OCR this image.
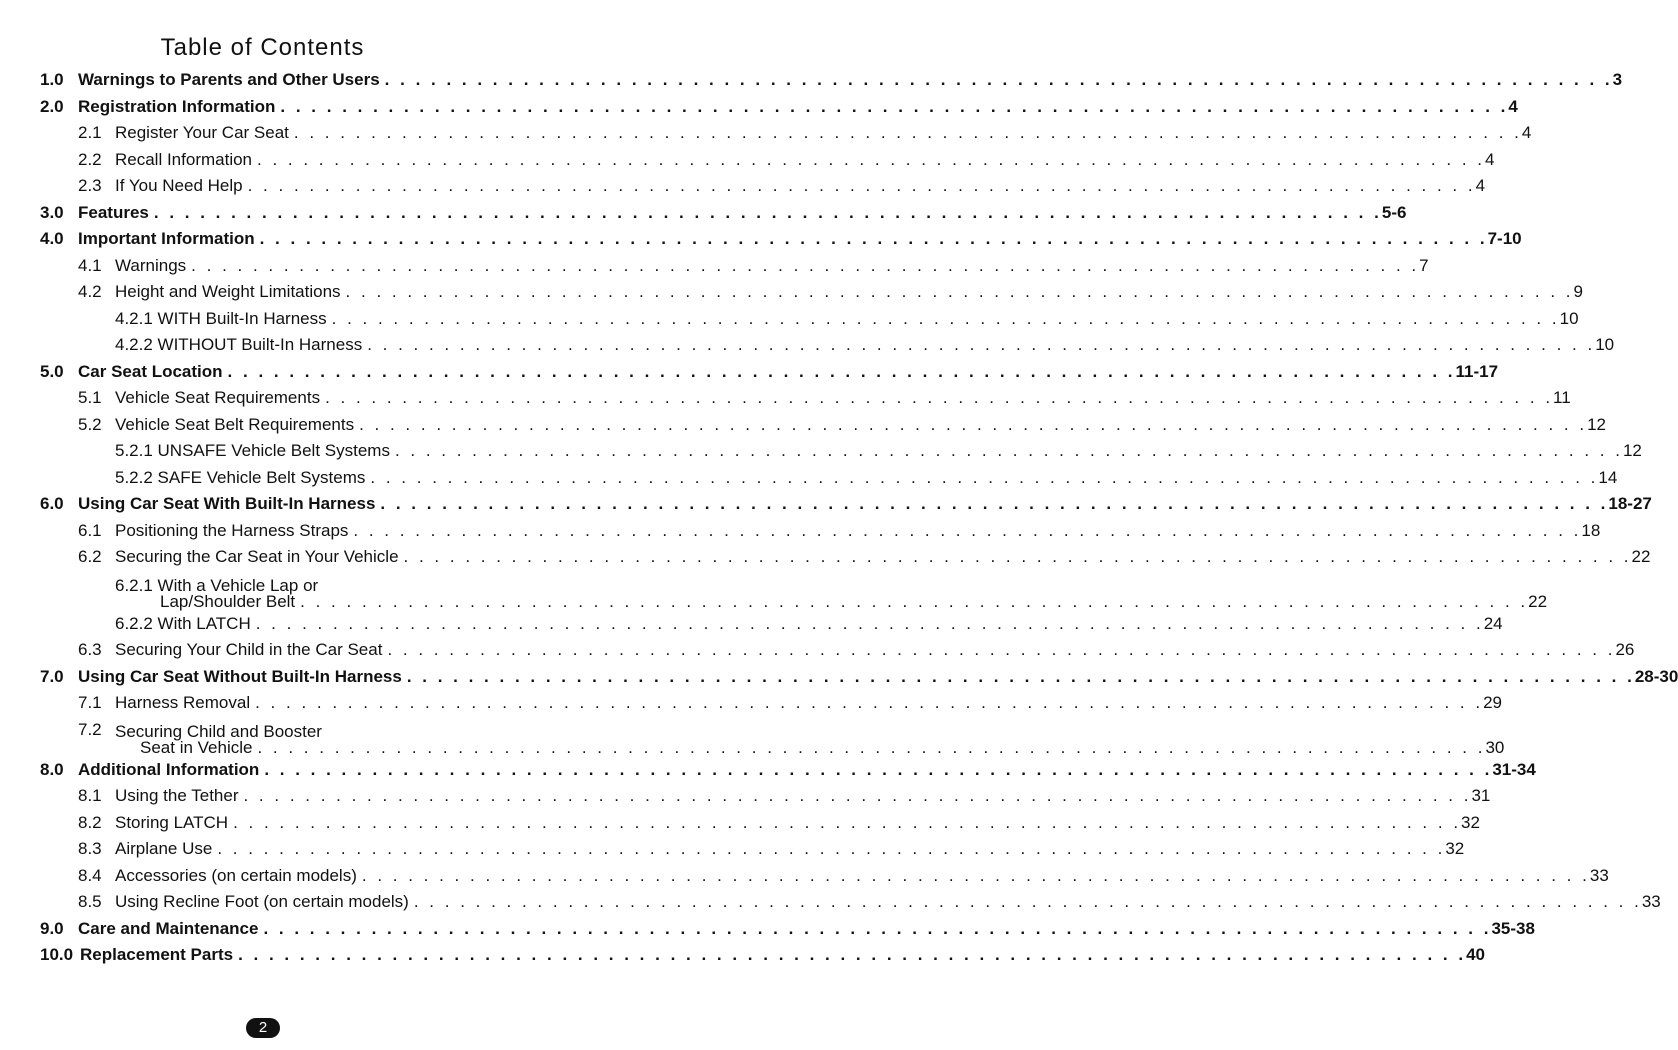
Table of Contents
1.0 Warnings to Parents and Other Users . . . . . . . . . . . . . . . . . . . . . . . . . . . . . . . . . . . . . . . . . . . . . . . . . . . . . . . . . . . . . . . . . . . . . . . . . . . . . . . . 3
2.0 Registration Information . . . . . . . . . . . . . . . . . . . . . . . . . . . . . . . . . . . . . . . . . . . . . . . . . . . . . . . . . . . . . . . . . . . . . . . . . . . . . . . . 4
2.1 Register Your Car Seat . . . . . . . . . . . . . . . . . . . . . . . . . . . . . . . . . . . . . . . . . . . . . . . . . . . . . . . . . . . . . . . . . . . . . . . . . . . . . . . . 4
2.2 Recall Information . . . . . . . . . . . . . . . . . . . . . . . . . . . . . . . . . . . . . . . . . . . . . . . . . . . . . . . . . . . . . . . . . . . . . . . . . . . . . . . . 4
2.3 If You Need Help . . . . . . . . . . . . . . . . . . . . . . . . . . . . . . . . . . . . . . . . . . . . . . . . . . . . . . . . . . . . . . . . . . . . . . . . . . . . . . . . 4
3.0 Features . . . . . . . . . . . . . . . . . . . . . . . . . . . . . . . . . . . . . . . . . . . . . . . . . . . . . . . . . . . . . . . . . . . . . . . . . . . . . . . . 5-6
4.0 Important Information . . . . . . . . . . . . . . . . . . . . . . . . . . . . . . . . . . . . . . . . . . . . . . . . . . . . . . . . . . . . . . . . . . . . . . . . . . . . . . . . 7-10
4.1 Warnings . . . . . . . . . . . . . . . . . . . . . . . . . . . . . . . . . . . . . . . . . . . . . . . . . . . . . . . . . . . . . . . . . . . . . . . . . . . . . . . . 7
4.2 Height and Weight Limitations . . . . . . . . . . . . . . . . . . . . . . . . . . . . . . . . . . . . . . . . . . . . . . . . . . . . . . . . . . . . . . . . . . . . . . . . . . . . . . . . 9
4.2.1 WITH Built-In Harness . . . . . . . . . . . . . . . . . . . . . . . . . . . . . . . . . . . . . . . . . . . . . . . . . . . . . . . . . . . . . . . . . . . . . . . . . . . . . . . . 10
4.2.2 WITHOUT Built-In Harness . . . . . . . . . . . . . . . . . . . . . . . . . . . . . . . . . . . . . . . . . . . . . . . . . . . . . . . . . . . . . . . . . . . . . . . . . . . . . . . . 10
5.0 Car Seat Location . . . . . . . . . . . . . . . . . . . . . . . . . . . . . . . . . . . . . . . . . . . . . . . . . . . . . . . . . . . . . . . . . . . . . . . . . . . . . . . . 11-17
5.1 Vehicle Seat Requirements . . . . . . . . . . . . . . . . . . . . . . . . . . . . . . . . . . . . . . . . . . . . . . . . . . . . . . . . . . . . . . . . . . . . . . . . . . . . . . . . 11
5.2 Vehicle Seat Belt Requirements . . . . . . . . . . . . . . . . . . . . . . . . . . . . . . . . . . . . . . . . . . . . . . . . . . . . . . . . . . . . . . . . . . . . . . . . . . . . . . . . 12
5.2.1 UNSAFE Vehicle Belt Systems . . . . . . . . . . . . . . . . . . . . . . . . . . . . . . . . . . . . . . . . . . . . . . . . . . . . . . . . . . . . . . . . . . . . . . . . . . . . . . . . 12
5.2.2 SAFE Vehicle Belt Systems . . . . . . . . . . . . . . . . . . . . . . . . . . . . . . . . . . . . . . . . . . . . . . . . . . . . . . . . . . . . . . . . . . . . . . . . . . . . . . . . 14
6.0 Using Car Seat With Built-In Harness . . . . . . . . . . . . . . . . . . . . . . . . . . . . . . . . . . . . . . . . . . . . . . . . . . . . . . . . . . . . . . . . . . . . . . . . . . . . . . . . 18-27
6.1 Positioning the Harness Straps . . . . . . . . . . . . . . . . . . . . . . . . . . . . . . . . . . . . . . . . . . . . . . . . . . . . . . . . . . . . . . . . . . . . . . . . . . . . . . . . 18
6.2 Securing the Car Seat in Your Vehicle . . . . . . . . . . . . . . . . . . . . . . . . . . . . . . . . . . . . . . . . . . . . . . . . . . . . . . . . . . . . . . . . . . . . . . . . . . . . . . . . 22
6.2.1 With a Vehicle Lap or
Lap/Shoulder Belt . . . . . . . . . . . . . . . . . . . . . . . . . . . . . . . . . . . . . . . . . . . . . . . . . . . . . . . . . . . . . . . . . . . . . . . . . . . . . . . . 22
6.2.2 With LATCH . . . . . . . . . . . . . . . . . . . . . . . . . . . . . . . . . . . . . . . . . . . . . . . . . . . . . . . . . . . . . . . . . . . . . . . . . . . . . . . . 24
6.3 Securing Your Child in the Car Seat . . . . . . . . . . . . . . . . . . . . . . . . . . . . . . . . . . . . . . . . . . . . . . . . . . . . . . . . . . . . . . . . . . . . . . . . . . . . . . . . 26
7.0 Using Car Seat Without Built-In Harness . . . . . . . . . . . . . . . . . . . . . . . . . . . . . . . . . . . . . . . . . . . . . . . . . . . . . . . . . . . . . . . . . . . . . . . . . . . . . . . . 28-30
7.1 Harness Removal . . . . . . . . . . . . . . . . . . . . . . . . . . . . . . . . . . . . . . . . . . . . . . . . . . . . . . . . . . . . . . . . . . . . . . . . . . . . . . . . 29
7.2 Securing Child and Booster
Seat in Vehicle . . . . . . . . . . . . . . . . . . . . . . . . . . . . . . . . . . . . . . . . . . . . . . . . . . . . . . . . . . . . . . . . . . . . . . . . . . . . . . . . 30
8.0 Additional Information . . . . . . . . . . . . . . . . . . . . . . . . . . . . . . . . . . . . . . . . . . . . . . . . . . . . . . . . . . . . . . . . . . . . . . . . . . . . . . . . 31-34
8.1 Using the Tether . . . . . . . . . . . . . . . . . . . . . . . . . . . . . . . . . . . . . . . . . . . . . . . . . . . . . . . . . . . . . . . . . . . . . . . . . . . . . . . . 31
8.2 Storing LATCH . . . . . . . . . . . . . . . . . . . . . . . . . . . . . . . . . . . . . . . . . . . . . . . . . . . . . . . . . . . . . . . . . . . . . . . . . . . . . . . . 32
8.3 Airplane Use . . . . . . . . . . . . . . . . . . . . . . . . . . . . . . . . . . . . . . . . . . . . . . . . . . . . . . . . . . . . . . . . . . . . . . . . . . . . . . . . 32
8.4 Accessories (on certain models) . . . . . . . . . . . . . . . . . . . . . . . . . . . . . . . . . . . . . . . . . . . . . . . . . . . . . . . . . . . . . . . . . . . . . . . . . . . . . . . . 33
8.5 Using Recline Foot (on certain models) . . . . . . . . . . . . . . . . . . . . . . . . . . . . . . . . . . . . . . . . . . . . . . . . . . . . . . . . . . . . . . . . . . . . . . . . . . . . . . . . 33
9.0 Care and Maintenance . . . . . . . . . . . . . . . . . . . . . . . . . . . . . . . . . . . . . . . . . . . . . . . . . . . . . . . . . . . . . . . . . . . . . . . . . . . . . . . . 35-38
10.0 Replacement Parts . . . . . . . . . . . . . . . . . . . . . . . . . . . . . . . . . . . . . . . . . . . . . . . . . . . . . . . . . . . . . . . . . . . . . . . . . . . . . . . . 40
2
